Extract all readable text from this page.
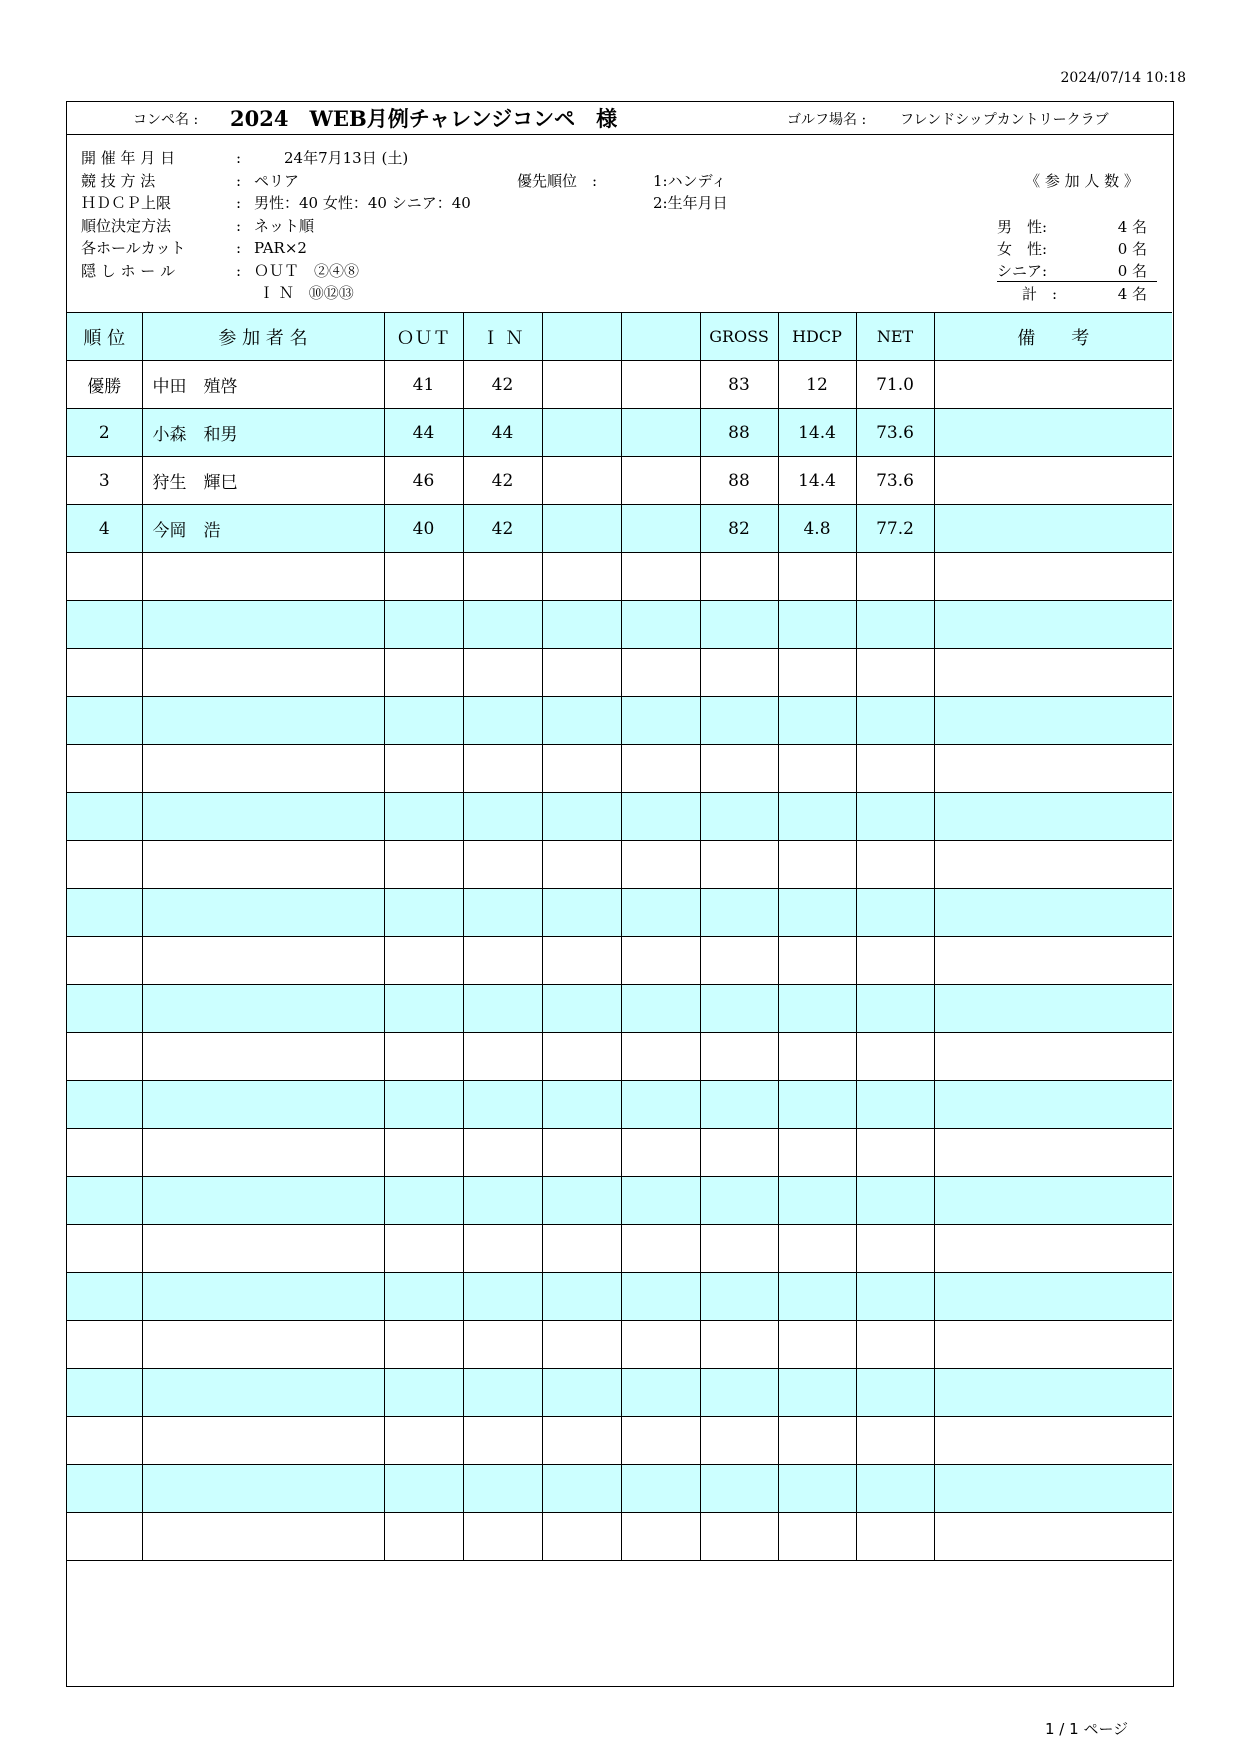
2024/07/14 10:18
コンペ名 : 2024　WEB月例チャレンジコンペ　様	ゴルフ場名 : フレンドシップカントリークラブ
開 催 年 月 日	:　　24年7月13日 (土)
競 技 方 法	: ペリア
ＨＤＣＰ上限	: 男性：40 女性：40 シニア：40
順位決定方法	: ネット順
各ホールカット	: PAR×2
隠 し ホ ー ル	: ＯＵＴ　②④⑧
Ｉ Ｎ　⑩⑫⑬
優先順位　:	1:ハンディ
2:生年月日
《 参 加 人 数 》
男　性:	4 名
女　性:	0 名
シニア:	0 名
計　:	4 名
順 位	参 加 者 名	ＯＵＴ	Ｉ Ｎ			GROSS	HDCP	NET	備　　考
優勝	中田　殖啓	41	42			83	12	71.0	
2	小森　和男	44	44			88	14.4	73.6	
3	狩生　輝巳	46	42			88	14.4	73.6	
4	今岡　浩	40	42			82	4.8	77.2	

1 / 1 ページ
